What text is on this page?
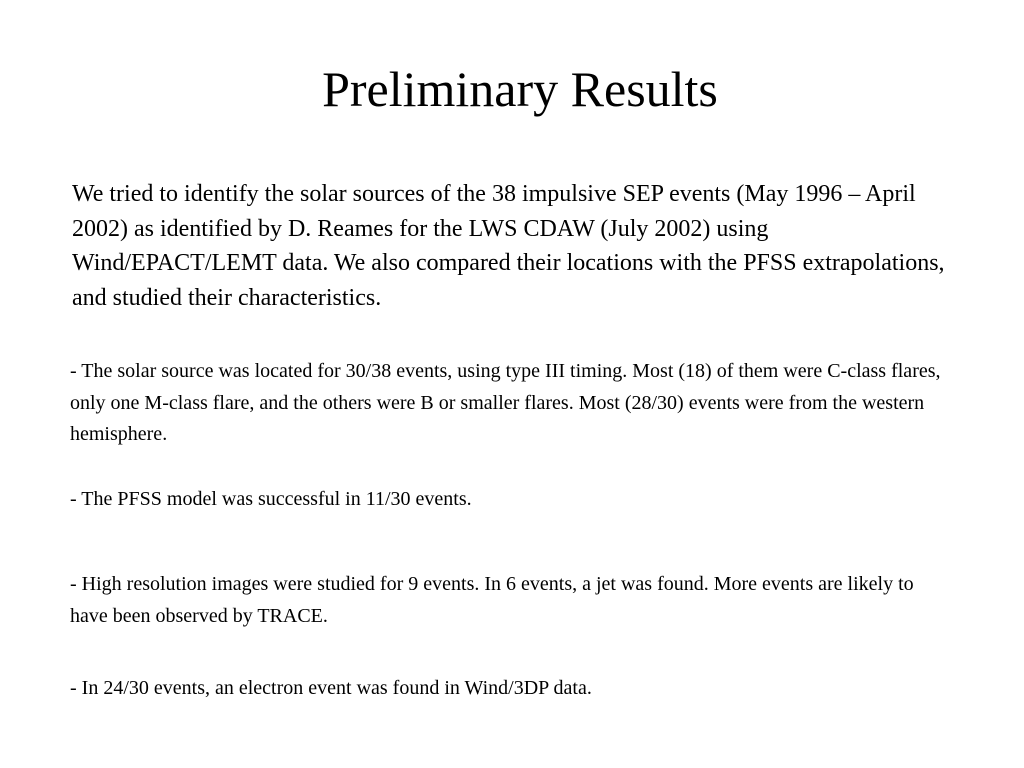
Preliminary Results

We tried to identify the solar sources of the 38 impulsive SEP events (May 1996 – April 2002) as identified by D. Reames for the LWS CDAW (July 2002) using Wind/EPACT/LEMT data. We also compared their locations with the PFSS extrapolations, and studied their characteristics.

- The solar source was located for 30/38 events, using type III timing. Most (18) of them were C-class flares, only one M-class flare, and the others were B or smaller flares. Most (28/30) events were from the western hemisphere.

- The PFSS model was successful in 11/30 events.

- High resolution images were studied for 9 events. In 6 events, a jet was found. More events are likely to have been observed by TRACE.

- In 24/30 events, an electron event was found in Wind/3DP data.
